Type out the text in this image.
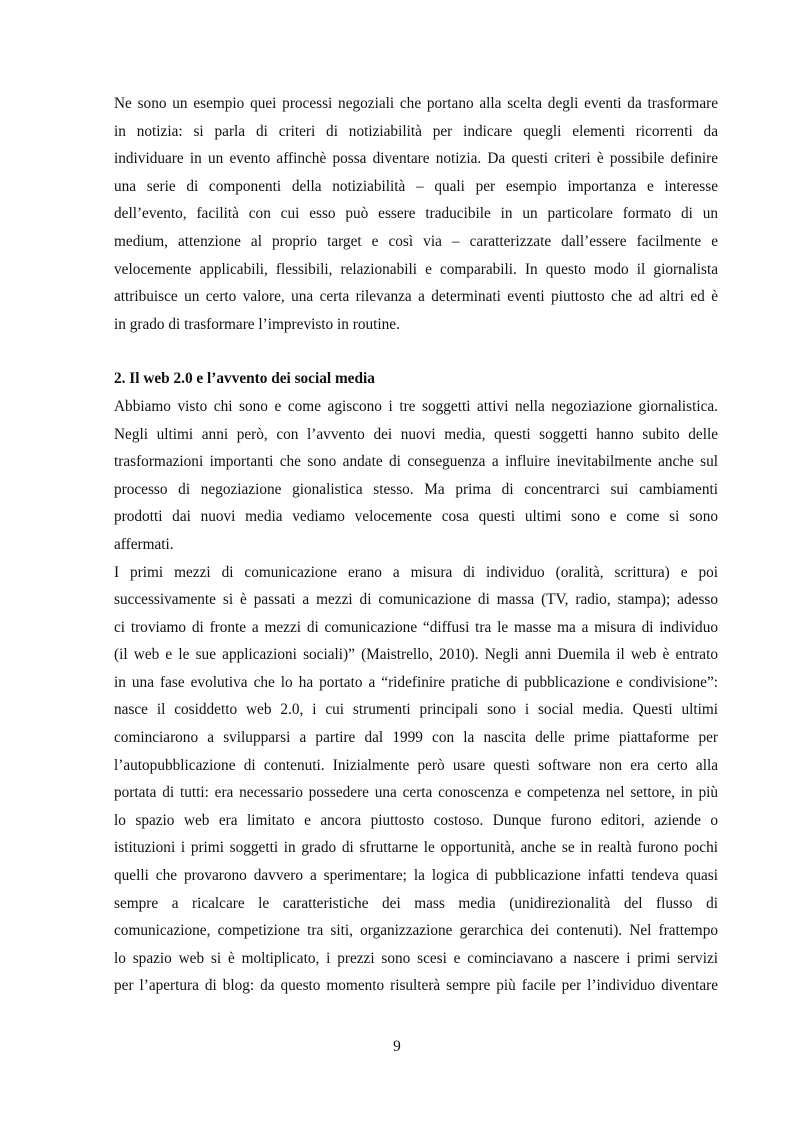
Ne sono un esempio quei processi negoziali che portano alla scelta degli eventi da trasformare
in notizia: si parla di criteri di notiziabilità per indicare quegli elementi ricorrenti da
individuare in un evento affinchè possa diventare notizia. Da questi criteri è possibile definire
una serie di componenti della notiziabilità – quali per esempio importanza e interesse
dell’evento, facilità con cui esso può essere traducibile in un particolare formato di un
medium, attenzione al proprio target e così via – caratterizzate dall’essere facilmente e
velocemente applicabili, flessibili, relazionabili e comparabili. In questo modo il giornalista
attribuisce un certo valore, una certa rilevanza a determinati eventi piuttosto che ad altri ed è
in grado di trasformare l’imprevisto in routine.
2. Il web 2.0 e l’avvento dei social media
Abbiamo visto chi sono e come agiscono i tre soggetti attivi nella negoziazione giornalistica.
Negli ultimi anni però, con l’avvento dei nuovi media, questi soggetti hanno subito delle
trasformazioni importanti che sono andate di conseguenza a influire inevitabilmente anche sul
processo di negoziazione gionalistica stesso. Ma prima di concentrarci sui cambiamenti
prodotti dai nuovi media vediamo velocemente cosa questi ultimi sono e come si sono
affermati.
I primi mezzi di comunicazione erano a misura di individuo (oralità, scrittura) e poi
successivamente si è passati a mezzi di comunicazione di massa (TV, radio, stampa); adesso
ci troviamo di fronte a mezzi di comunicazione “diffusi tra le masse ma a misura di individuo
(il web e le sue applicazioni sociali)” (Maistrello, 2010). Negli anni Duemila il web è entrato
in una fase evolutiva che lo ha portato a “ridefinire pratiche di pubblicazione e condivisione”:
nasce il cosiddetto web 2.0, i cui strumenti principali sono i social media. Questi ultimi
cominciarono a svilupparsi a partire dal 1999 con la nascita delle prime piattaforme per
l’autopubblicazione di contenuti. Inizialmente però usare questi software non era certo alla
portata di tutti: era necessario possedere una certa conoscenza e competenza nel settore, in più
lo spazio web era limitato e ancora piuttosto costoso. Dunque furono editori, aziende o
istituzioni i primi soggetti in grado di sfruttarne le opportunità, anche se in realtà furono pochi
quelli che provarono davvero a sperimentare; la logica di pubblicazione infatti tendeva quasi
sempre a ricalcare le caratteristiche dei mass media (unidirezionalità del flusso di
comunicazione, competizione tra siti, organizzazione gerarchica dei contenuti). Nel frattempo
lo spazio web si è moltiplicato, i prezzi sono scesi e cominciavano a nascere i primi servizi
per l’apertura di blog: da questo momento risulterà sempre più facile per l’individuo diventare
9
